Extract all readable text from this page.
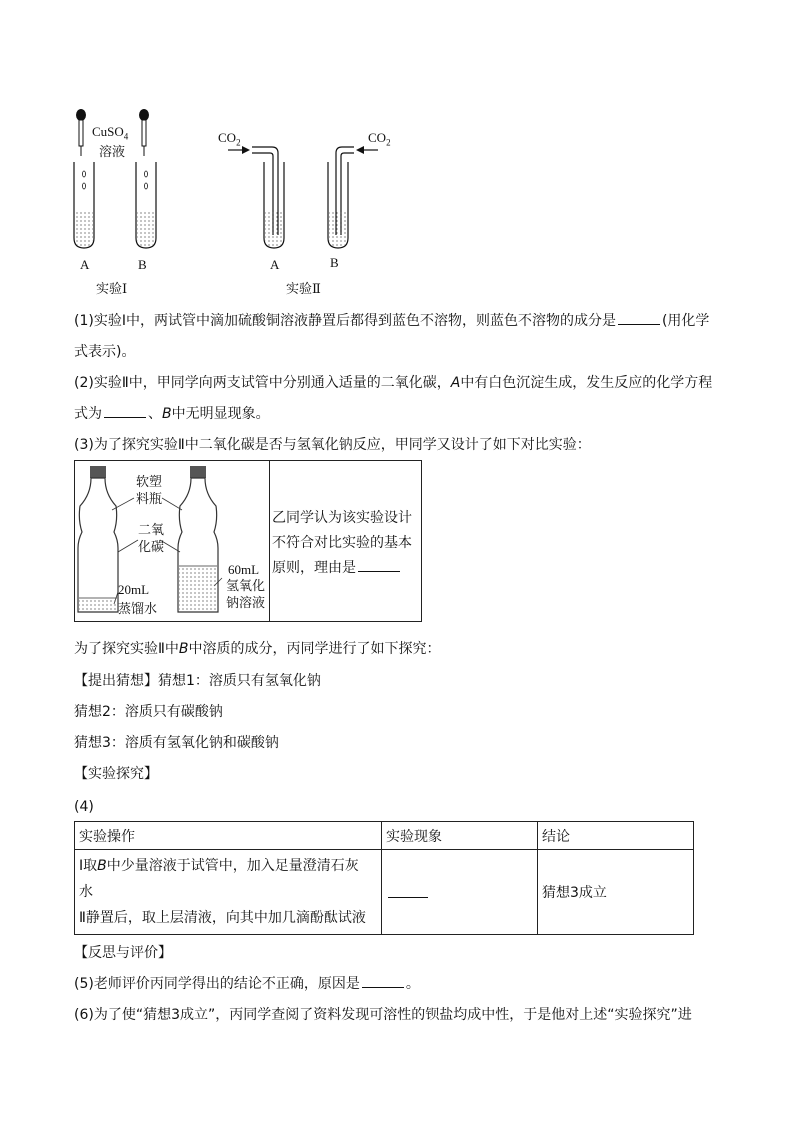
CuSO$_4$
溶液
A	B
实验Ⅰ
$CO_2$	$CO_2$
A	B
实验Ⅱ
(1)实验Ⅰ中，两试管中滴加硫酸铜溶液静置后都得到蓝色不溶物，则蓝色不溶物的成分是	(用化学
式表示)。
(2)实验Ⅱ中，甲同学向两支试管中分别通入适量的二氧化碳，A中有白色沉淀生成，发生反应的化学方程
式为	、B中无明显现象。
(3)为了探究实验Ⅱ中二氧化碳是否与氢氧化钠反应，甲同学又设计了如下对比实验：
软塑
料瓶
二氧
化碳
20mL
蒸馏水
60mL
氢氧化
钠溶液
乙同学认为该实验设计
不符合对比实验的基本
原则，理由是
为了探究实验Ⅱ中B中溶质的成分，丙同学进行了如下探究：
【提出猜想】猜想1：溶质只有氢氧化钠
猜想2：溶质只有碳酸钠
猜想3：溶质有氢氧化钠和碳酸钠
【实验探究】
(4)
实验操作	实验现象	结论

Ⅰ取B中少量溶液于试管中，加入足量澄清石灰
水
Ⅱ静置后，取上层清液，向其中加几滴酚酞试液		猜想3成立
【反思与评价】
(5)老师评价丙同学得出的结论不正确，原因是	。
(6)为了使“猜想3成立”，丙同学查阅了资料发现可溶性的钡盐均成中性，于是他对上述“实验探究”进
